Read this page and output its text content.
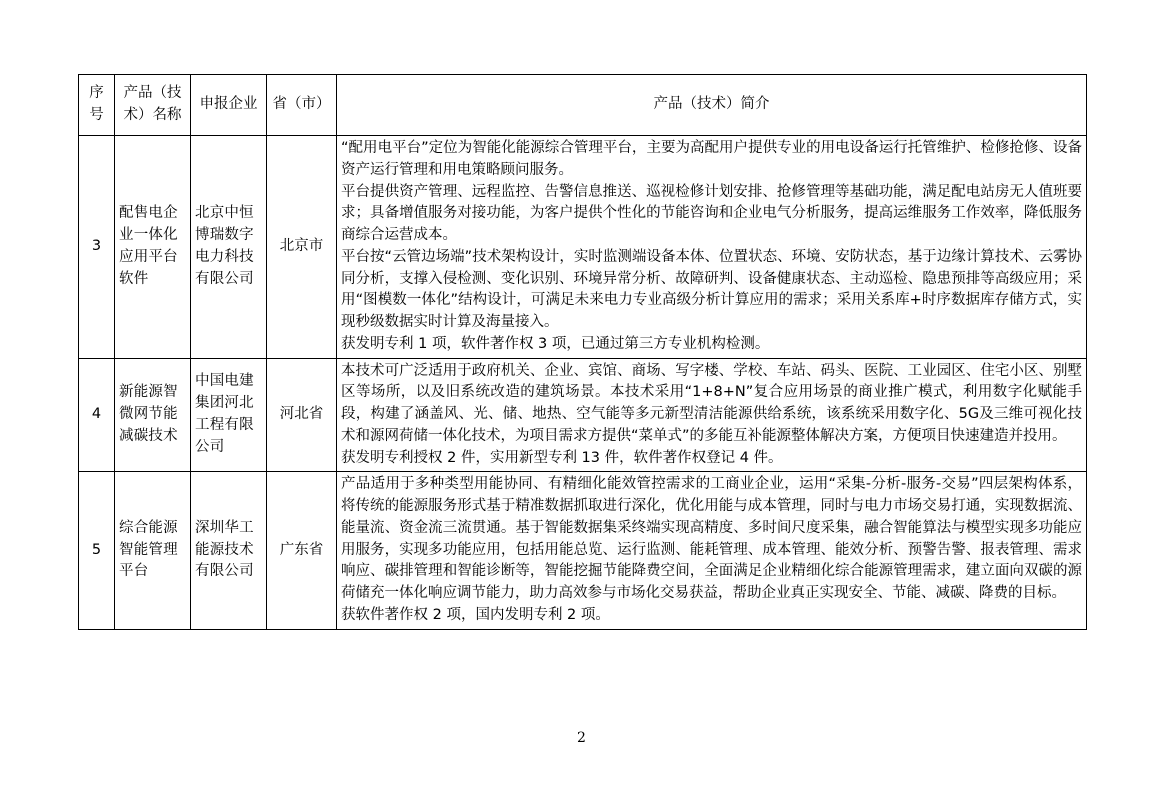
序号	产品（技术）名称	申报企业	省（市）	产品（技术）简介
3	配售电企业一体化应用平台软件	北京中恒博瑞数字电力科技有限公司	北京市	“配用电平台”定位为智能化能源综合管理平台，主要为高配用户提供专业的用电设备运行托管维护、检修抢修、设备资产运行管理和用电策略顾问服务。

平台提供资产管理、远程监控、告警信息推送、巡视检修计划安排、抢修管理等基础功能，满足配电站房无人值班要求；具备增值服务对接功能，为客户提供个性化的节能咨询和企业电气分析服务，提高运维服务工作效率，降低服务商综合运营成本。

平台按“云管边场端”技术架构设计，实时监测端设备本体、位置状态、环境、安防状态，基于边缘计算技术、云雾协同分析，支撑入侵检测、变化识别、环境异常分析、故障研判、设备健康状态、主动巡检、隐患预排等高级应用；采用“图模数一体化”结构设计，可满足未来电力专业高级分析计算应用的需求；采用关系库+时序数据库存储方式，实现秒级数据实时计算及海量接入。

获发明专利 1 项，软件著作权 3 项，已通过第三方专业机构检测。

4	新能源智微网节能减碳技术	中国电建集团河北工程有限公司	河北省	本技术可广泛适用于政府机关、企业、宾馆、商场、写字楼、学校、车站、码头、医院、工业园区、住宅小区、别墅区等场所，以及旧系统改造的建筑场景。本技术采用“1+8+N”复合应用场景的商业推广模式，利用数字化赋能手段，构建了涵盖风、光、储、地热、空气能等多元新型清洁能源供给系统，该系统采用数字化、5G及三维可视化技术和源网荷储一体化技术，为项目需求方提供“菜单式”的多能互补能源整体解决方案，方便项目快速建造并投用。

获发明专利授权 2 件，实用新型专利 13 件，软件著作权登记 4 件。

5	综合能源智能管理平台	深圳华工能源技术有限公司	广东省	产品适用于多种类型用能协同、有精细化能效管控需求的工商业企业，运用“采集-分析-服务-交易”四层架构体系，将传统的能源服务形式基于精准数据抓取进行深化，优化用能与成本管理，同时与电力市场交易打通，实现数据流、能量流、资金流三流贯通。基于智能数据集采终端实现高精度、多时间尺度采集，融合智能算法与模型实现多功能应用服务，实现多功能应用，包括用能总览、运行监测、能耗管理、成本管理、能效分析、预警告警、报表管理、需求响应、碳排管理和智能诊断等，智能挖掘节能降费空间，全面满足企业精细化综合能源管理需求，建立面向双碳的源荷储充一体化响应调节能力，助力高效参与市场化交易获益，帮助企业真正实现安全、节能、减碳、降费的目标。

获软件著作权 2 项，国内发明专利 2 项。

2
